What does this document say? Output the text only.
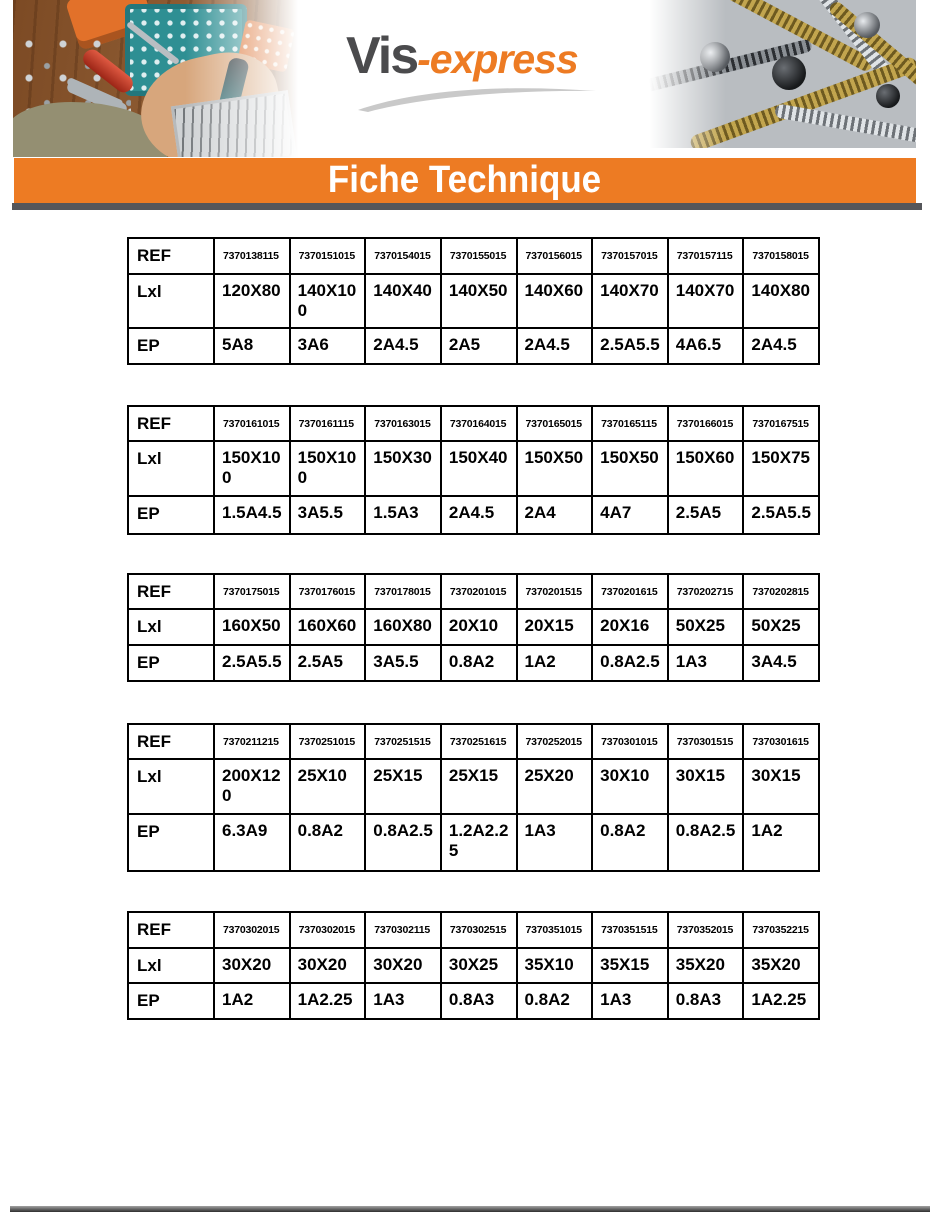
Vis -express
Fiche Technique
REF	7370138115	7370151015	7370154015	7370155015	7370156015	7370157015	7370157115	7370158015
Lxl	120X80	140X100	140X40	140X50	140X60	140X70	140X70	140X80
EP	5A8	3A6	2A4.5	2A5	2A4.5	2.5A5.5	4A6.5	2A4.5
REF	7370161015	7370161115	7370163015	7370164015	7370165015	7370165115	7370166015	7370167515
Lxl	150X100	150X100	150X30	150X40	150X50	150X50	150X60	150X75
EP	1.5A4.5	3A5.5	1.5A3	2A4.5	2A4	4A7	2.5A5	2.5A5.5
REF	7370175015	7370176015	7370178015	7370201015	7370201515	7370201615	7370202715	7370202815
Lxl	160X50	160X60	160X80	20X10	20X15	20X16	50X25	50X25
EP	2.5A5.5	2.5A5	3A5.5	0.8A2	1A2	0.8A2.5	1A3	3A4.5
REF	7370211215	7370251015	7370251515	7370251615	7370252015	7370301015	7370301515	7370301615
Lxl	200X120	25X10	25X15	25X15	25X20	30X10	30X15	30X15
EP	6.3A9	0.8A2	0.8A2.5	1.2A2.25	1A3	0.8A2	0.8A2.5	1A2
REF	7370302015	7370302015	7370302115	7370302515	7370351015	7370351515	7370352015	7370352215
Lxl	30X20	30X20	30X20	30X25	35X10	35X15	35X20	35X20
EP	1A2	1A2.25	1A3	0.8A3	0.8A2	1A3	0.8A3	1A2.25
